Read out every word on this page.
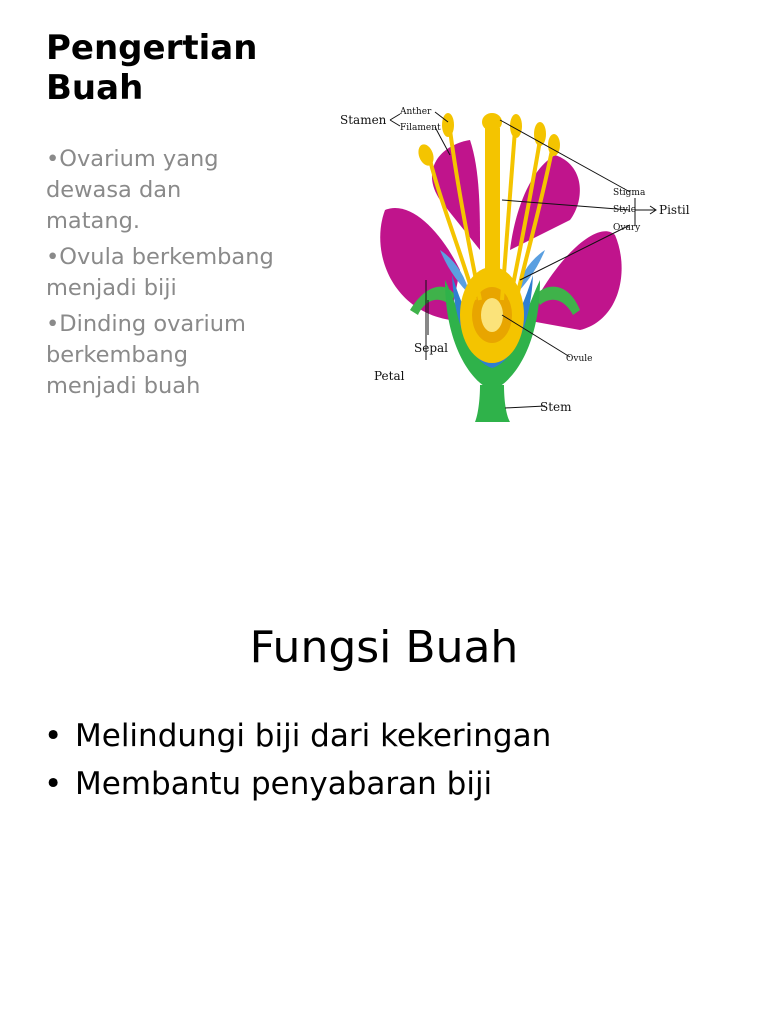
Pengertian Buah
•Ovarium yang dewasa dan matang.
•Ovula berkembang menjadi biji
•Dinding ovarium berkembang menjadi buah
Stamen
Anther
Filament
Stigma
Style
Ovary
Pistil
Sepal
Petal
Ovule
Stem
Fungsi Buah
• Melindungi biji dari kekeringan
• Membantu penyabaran biji
